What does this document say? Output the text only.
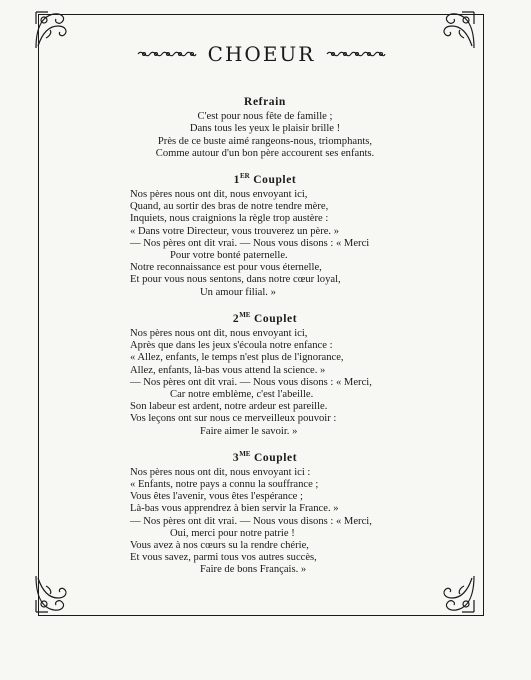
CHOEUR
Refrain
C'est pour nous fête de famille ;
Dans tous les yeux le plaisir brille !
Près de ce buste aimé rangeons-nous, triomphants,
Comme autour d'un bon père accourent ses enfants.
1ER Couplet
Nos pères nous ont dit, nous envoyant ici,
Quand, au sortir des bras de notre tendre mère,
Inquiets, nous craignions la règle trop austère :
« Dans votre Directeur, vous trouverez un père. »
— Nos pères ont dit vrai. — Nous vous disons : « Merci
Pour votre bonté paternelle.
Notre reconnaissance est pour vous éternelle,
Et pour vous nous sentons, dans notre cœur loyal,
Un amour filial. »
$2^{ME}$ Couplet
Nos pères nous ont dit, nous envoyant ici,
Après que dans les jeux s'écoula notre enfance :
« Allez, enfants, le temps n'est plus de l'ignorance,
Allez, enfants, là-bas vous attend la science. »
— Nos pères ont dit vrai. — Nous vous disons : « Merci,
Car notre emblème, c'est l'abeille.
Son labeur est ardent, notre ardeur est pareille.
Vos leçons ont sur nous ce merveilleux pouvoir :
Faire aimer le savoir. »
$3^{ME}$ Couplet
Nos pères nous ont dit, nous envoyant ici :
« Enfants, notre pays a connu la souffrance ;
Vous êtes l'avenir, vous êtes l'espérance ;
Là-bas vous apprendrez à bien servir la France. »
— Nos pères ont dit vrai. — Nous vous disons : « Merci,
Oui, merci pour notre patrie !
Vous avez à nos cœurs su la rendre chérie,
Et vous savez, parmi tous vos autres succès,
Faire de bons Français. »
